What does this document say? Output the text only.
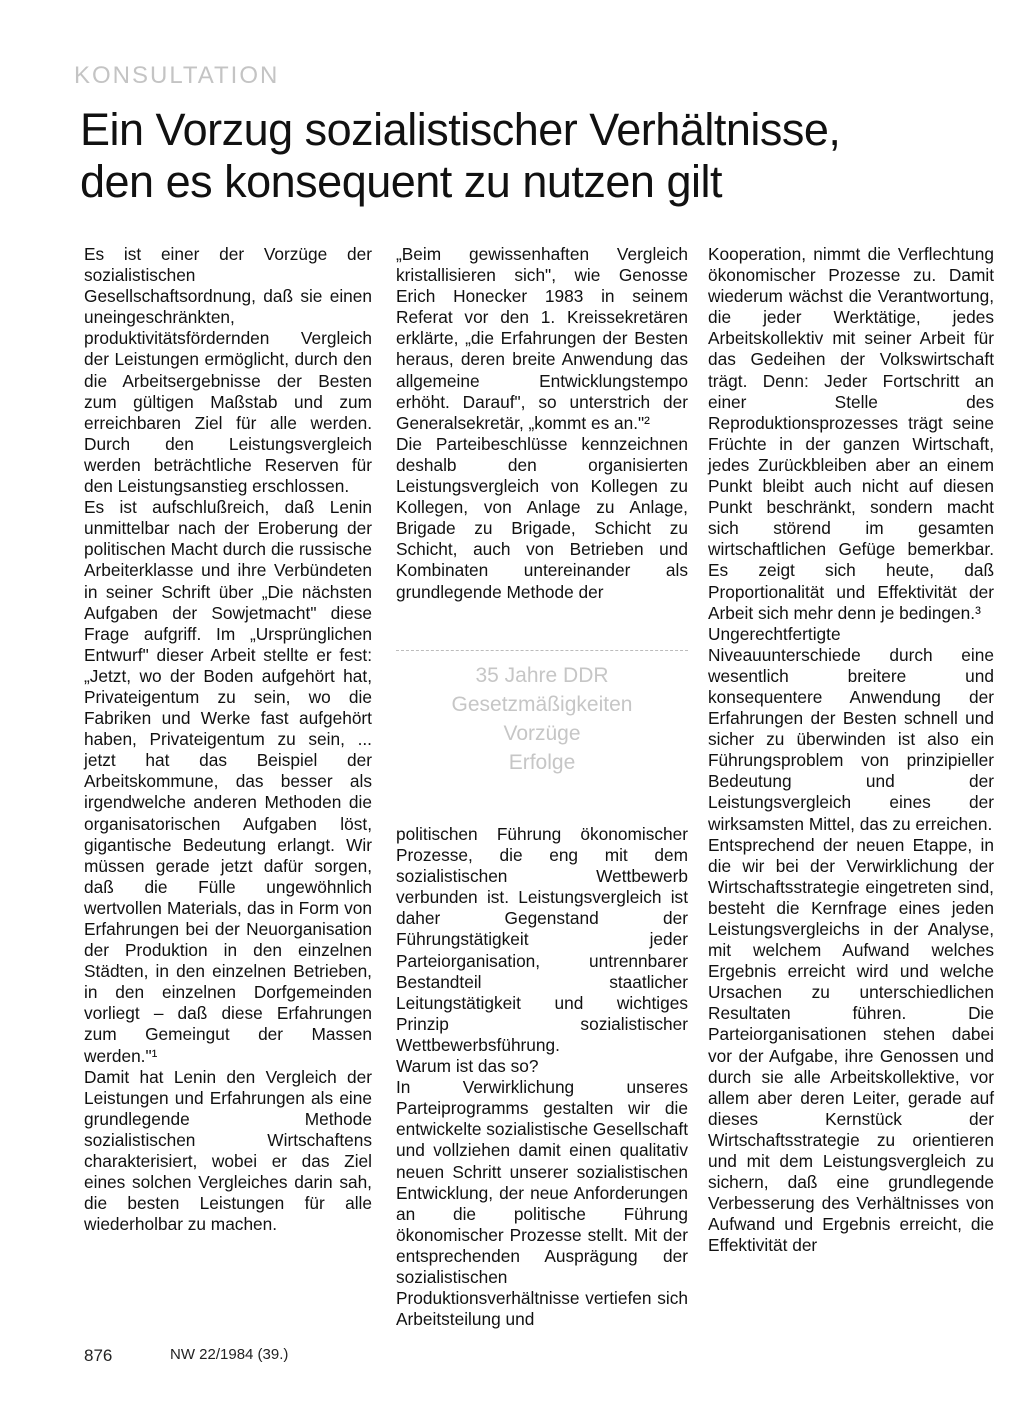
KONSULTATION
Ein Vorzug sozialistischer Verhältnisse,
den es konsequent zu nutzen gilt

Es ist einer der Vorzüge der sozialistischen Gesellschaftsordnung, daß sie einen uneingeschränkten, produktivitätsfördernden Vergleich der Leistungen ermöglicht, durch den die Arbeitsergebnisse der Besten zum gültigen Maßstab und zum erreichbaren Ziel für alle werden. Durch den Leistungsvergleich werden beträchtliche Reserven für den Leistungsanstieg erschlossen.

Es ist aufschlußreich, daß Lenin unmittelbar nach der Eroberung der politischen Macht durch die russische Arbeiterklasse und ihre Verbündeten in seiner Schrift über „Die nächsten Aufgaben der Sowjetmacht" diese Frage aufgriff. Im „Ursprünglichen Entwurf" dieser Arbeit stellte er fest: „Jetzt, wo der Boden aufgehört hat, Privateigentum zu sein, wo die Fabriken und Werke fast aufgehört haben, Privateigentum zu sein, ... jetzt hat das Beispiel der Arbeitskommune, das besser als irgendwelche anderen Methoden die organisatorischen Aufgaben löst, gigantische Bedeutung erlangt. Wir müssen gerade jetzt dafür sorgen, daß die Fülle ungewöhnlich wertvollen Materials, das in Form von Erfahrungen bei der Neuorganisation der Produktion in den einzelnen Städten, in den einzelnen Betrieben, in den einzelnen Dorfgemeinden vorliegt – daß diese Erfahrungen zum Gemeingut der Massen werden."¹

Damit hat Lenin den Vergleich der Leistungen und Erfahrungen als eine grundlegende Methode sozialistischen Wirtschaftens charakterisiert, wobei er das Ziel eines solchen Vergleiches darin sah, die besten Leistungen für alle wiederholbar zu machen.

„Beim gewissenhaften Vergleich kristallisieren sich", wie Genosse Erich Honecker 1983 in seinem Referat vor den 1. Kreissekretären erklärte, „die Erfahrungen der Besten heraus, deren breite Anwendung das allgemeine Entwicklungstempo erhöht. Darauf", so unterstrich der Generalsekretär, „kommt es an."²

Die Parteibeschlüsse kennzeichnen deshalb den organisierten Leistungsvergleich von Kollegen zu Kollegen, von Anlage zu Anlage, Brigade zu Brigade, Schicht zu Schicht, auch von Betrieben und Kombinaten untereinander als grundlegende Methode der

35 Jahre DDR
Gesetzmäßigkeiten
Vorzüge
Erfolge

politischen Führung ökonomischer Prozesse, die eng mit dem sozialistischen Wettbewerb verbunden ist. Leistungsvergleich ist daher Gegenstand der Führungstätigkeit jeder Parteiorganisation, untrennbarer Bestandteil staatlicher Leitungstätigkeit und wichtiges Prinzip sozialistischer Wettbewerbsführung.

Warum ist das so?

In Verwirklichung unseres Parteiprogramms gestalten wir die entwickelte sozialistische Gesellschaft und vollziehen damit einen qualitativ neuen Schritt unserer sozialistischen Entwicklung, der neue Anforderungen an die politische Führung ökonomischer Prozesse stellt. Mit der entsprechenden Ausprägung der sozialistischen Produktionsverhältnisse vertiefen sich Arbeitsteilung und

Kooperation, nimmt die Verflechtung ökonomischer Prozesse zu. Damit wiederum wächst die Verantwortung, die jeder Werktätige, jedes Arbeitskollektiv mit seiner Arbeit für das Gedeihen der Volkswirtschaft trägt. Denn: Jeder Fortschritt an einer Stelle des Reproduktionsprozesses trägt seine Früchte in der ganzen Wirtschaft, jedes Zurückbleiben aber an einem Punkt bleibt auch nicht auf diesen Punkt beschränkt, sondern macht sich störend im gesamten wirtschaftlichen Gefüge bemerkbar. Es zeigt sich heute, daß Proportionalität und Effektivität der Arbeit sich mehr denn je bedingen.³

Ungerechtfertigte Niveauunterschiede durch eine wesentlich breitere und konsequentere Anwendung der Erfahrungen der Besten schnell und sicher zu überwinden ist also ein Führungsproblem von prinzipieller Bedeutung und der Leistungsvergleich eines der wirksamsten Mittel, das zu erreichen.

Entsprechend der neuen Etappe, in die wir bei der Verwirklichung der Wirtschaftsstrategie eingetreten sind, besteht die Kernfrage eines jeden Leistungsvergleichs in der Analyse, mit welchem Aufwand welches Ergebnis erreicht wird und welche Ursachen zu unterschiedlichen Resultaten führen. Die Parteiorganisationen stehen dabei vor der Aufgabe, ihre Genossen und durch sie alle Arbeitskollektive, vor allem aber deren Leiter, gerade auf dieses Kernstück der Wirtschaftsstrategie zu orientieren und mit dem Leistungsvergleich zu sichern, daß eine grundlegende Verbesserung des Verhältnisses von Aufwand und Ergebnis erreicht, die Effektivität der

876	NW 22/1984 (39.)
